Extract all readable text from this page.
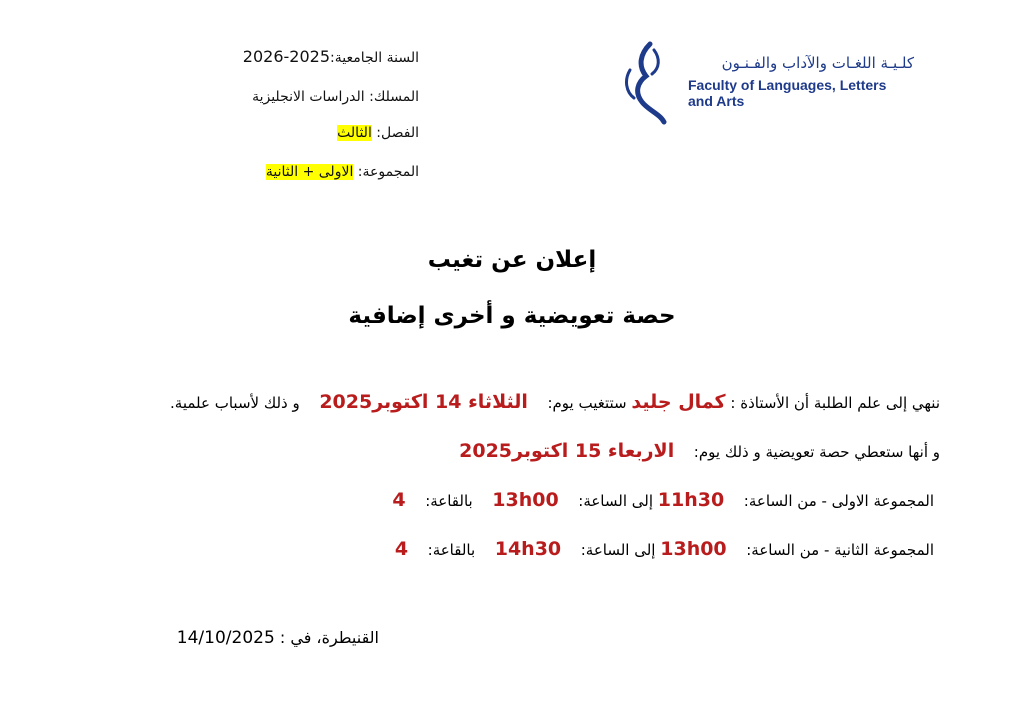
كلـيـة اللغـات والآداب والفـنـون
Faculty of Languages, Letters
and Arts
السنة الجامعية:2025-2026
المسلك: الدراسات الانجليزية
الفصل: الثالث
المجموعة: الاولى + الثانية
إعلان عن تغيب
حصة تعويضية و أخرى إضافية
ننهي إلى علم الطلبة أن الأستاذة : كمال جليد ستتغيب يوم:  الثلاثاء 14 اكتوبر2025  و ذلك لأسباب علمية.
و أنها ستعطي حصة تعويضية و ذلك يوم:  الاربعاء 15 اكتوبر2025
المجموعة الاولى - من الساعة:  11h30 إلى الساعة:  13h00  بالقاعة:  4
المجموعة الثانية - من الساعة:  13h00 إلى الساعة:  14h30  بالقاعة:  4
القنيطرة، في : 14/10/2025
